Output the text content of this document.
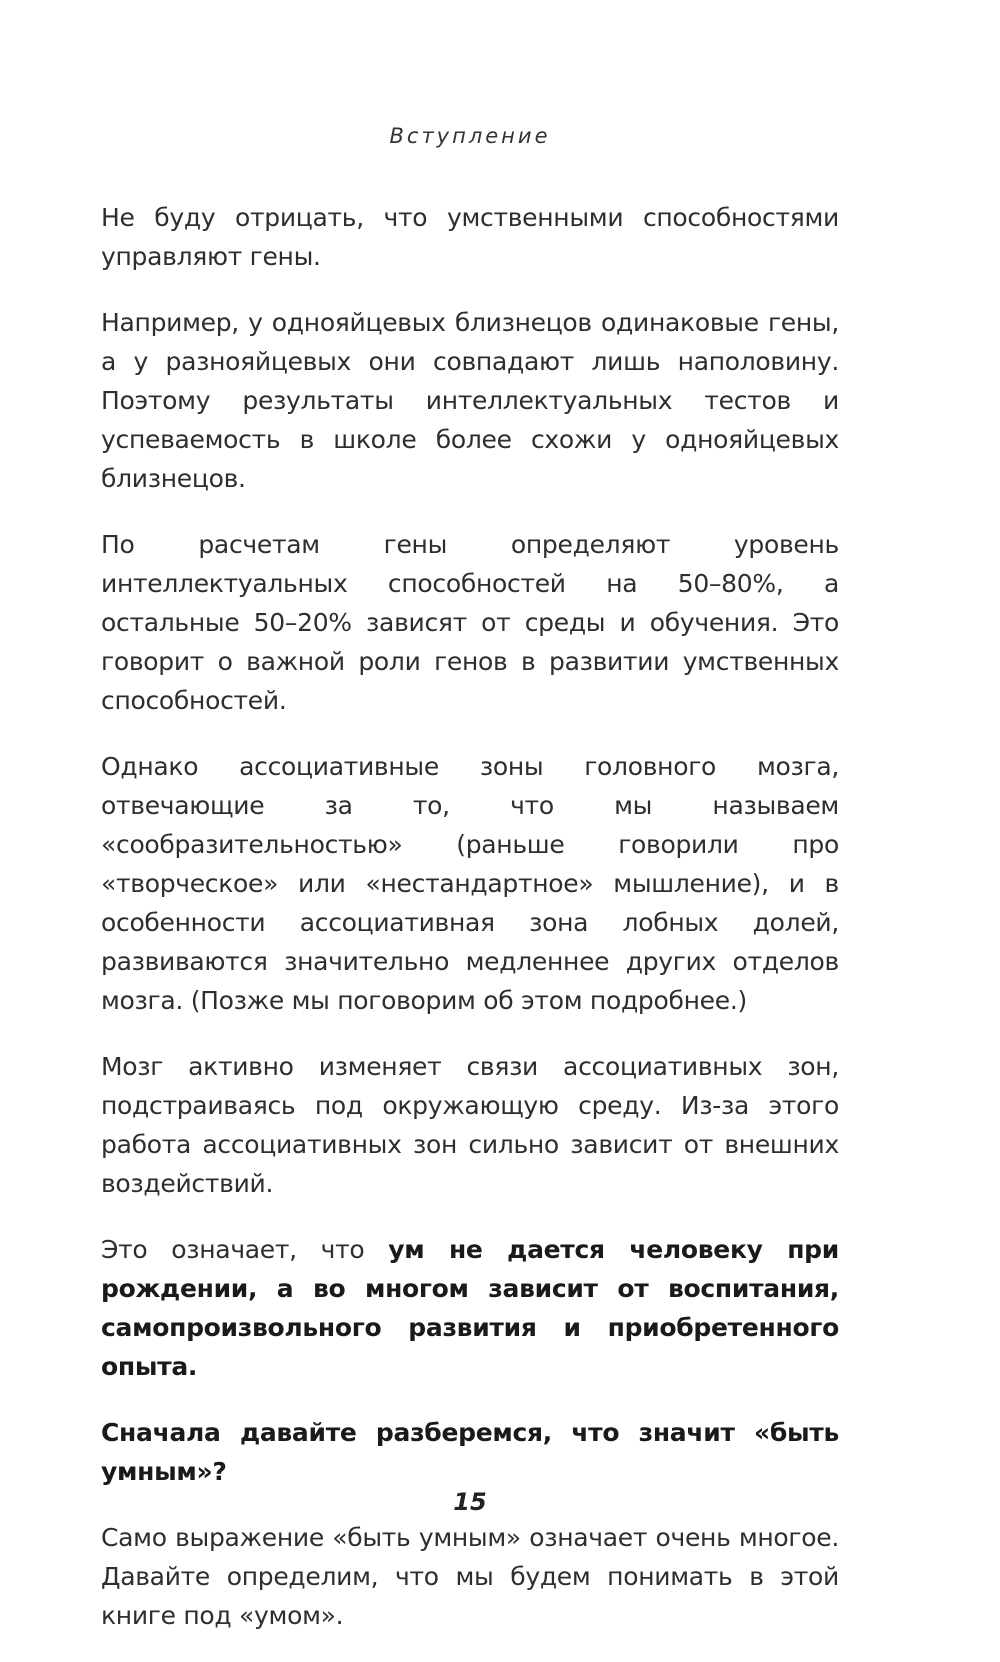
Вступление

Не буду отрицать, что умственными способностями управляют гены.

Например, у однояйцевых близнецов одинаковые гены, а у разнояйцевых они совпадают лишь наполовину. Поэтому результаты интеллектуальных тестов и успеваемость в школе более схожи у однояйцевых близнецов.

По расчетам гены определяют уровень интеллектуальных способностей на 50–80%, а остальные 50–20% зависят от среды и обучения. Это говорит о важной роли генов в развитии умственных способностей.

Однако ассоциативные зоны головного мозга, отвечающие за то, что мы называем «сообразительностью» (раньше говорили про «творческое» или «нестандартное» мышление), и в особенности ассоциативная зона лобных долей, развиваются значительно медленнее других отделов мозга. (Позже мы поговорим об этом подробнее.)

Мозг активно изменяет связи ассоциативных зон, подстраиваясь под окружающую среду. Из-за этого работа ассоциативных зон сильно зависит от внешних воздействий.

Это означает, что ум не дается человеку при рождении, а во многом зависит от воспитания, самопроизвольного развития и приобретенного опыта.

Сначала давайте разберемся, что значит «быть умным»?

Само выражение «быть умным» означает очень многое. Давайте определим, что мы будем понимать в этой книге под «умом».

15
